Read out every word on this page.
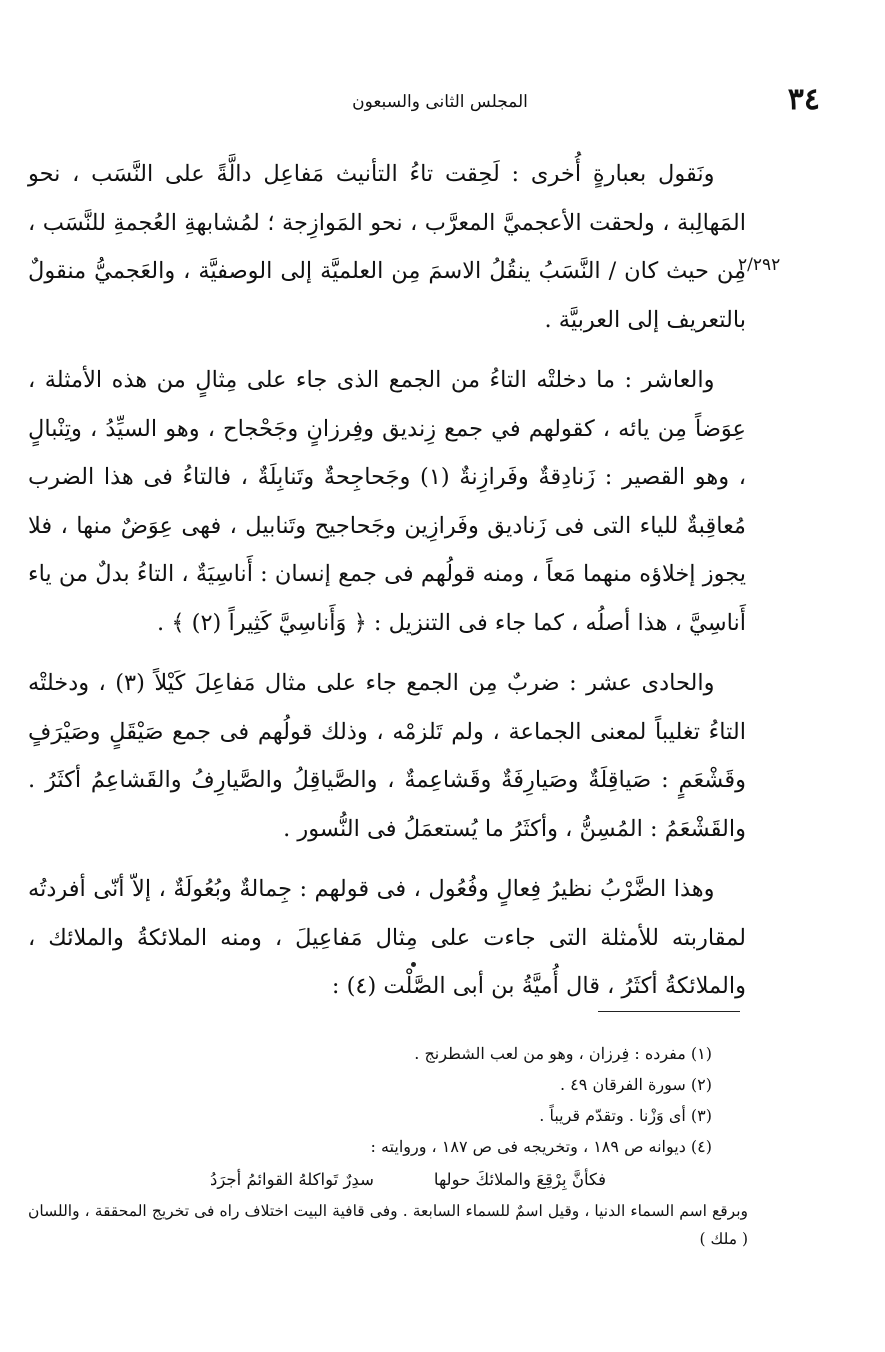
٣٤
المجلس الثانى والسبعون

ونَقول بعبارةٍ أُخرى : لَحِقت تاءُ التأنيث مَفاعِل دالَّةً على النَّسَب ، نحو المَهالِبة ، ولحقت الأعجميَّ المعرَّب ، نحو المَوازِجة ؛ لمُشابهةِ العُجمةِ للنَّسَب ، مِن حيث كان / النَّسَبُ ينقُلُ الاسمَ مِن العلميَّة إلى الوصفيَّة ، والعَجميُّ منقولٌ بالتعريف إلى العربيَّة .

والعاشر : ما دخلتْه التاءُ من الجمع الذى جاء على مِثالٍ من هذه الأمثلة ، عِوَضاً مِن يائه ، كقولهم في جمع زِنديق وفِرزانٍ وجَحْجاح ، وهو السيِّدُ ، وتِنْبالٍ ، وهو القصير : زَنادِقةٌ وفَرازِنةٌ (١) وجَحاجِحةٌ وتَنابِلَةٌ ، فالتاءُ فى هذا الضرب مُعاقِبةٌ للياء التى فى زَناديق وفَرازِين وجَحاجيح وتَنابيل ، فهى عِوَضٌ منها ، فلا يجوز إخلاؤه منهما مَعاً ، ومنه قولُهم فى جمع إنسان : أَناسِيَةٌ ، التاءُ بدلٌ من ياء أَناسِيَّ ، هذا أصلُه ، كما جاء فى التنزيل : ﴿ وَأَناسِيَّ كَثِيراً (٢) ﴾ .

والحادى عشر : ضربٌ مِن الجمع جاء على مثال مَفاعِلَ كَيْلاً (٣) ، ودخلتْه التاءُ تغليباً لمعنى الجماعة ، ولم تَلزمْه ، وذلك قولُهم فى جمع صَيْقَلٍ وصَيْرَفٍ وقَشْعَمٍ : صَياقِلَةٌ وصَيارِفَةٌ وقَشاعِمةٌ ، والصَّياقِلُ والصَّيارِفُ والقَشاعِمُ أكثَرُ . والقَشْعَمُ : المُسِنُّ ، وأكثَرُ ما يُستعمَلُ فى النُّسور .

وهذا الضَّرْبُ نظيرُ فِعالٍ وفُعُول ، فى قولهم : جِمالةٌ وبُعُولَةٌ ، إلاّ أنّى أفردتُه لمقاربته للأمثلة التى جاءت على مِثال مَفاعِيلَ ، ومنه الملائكةُ والملائك ، والملائكةُ أكثَرُ ، قال أُميَّةُ بن أبى الصَّلْت (٤) :

٢/٢٩٢

(١) مفرده : فِرزان ، وهو من لعب الشطرنج .

(٢) سورة الفرقان ٤٩ .

(٣) أى وَزْنا . وتقدّم قريباً .

(٤) ديوانه ص ١٨٩ ، وتخريجه فى ص ١٨٧ ، وروايته :

فكأنَّ بِرْقِعَ والملائكَ حولها
سدِرٌ تَواكلهُ القوائمُ أجرَدُ

وبرقع اسم السماء الدنيا ، وقيل اسمٌ للسماء السابعة . وفى قافية البيت اختلاف راه فى تخريج المحققة ، واللسان ( ملك )
